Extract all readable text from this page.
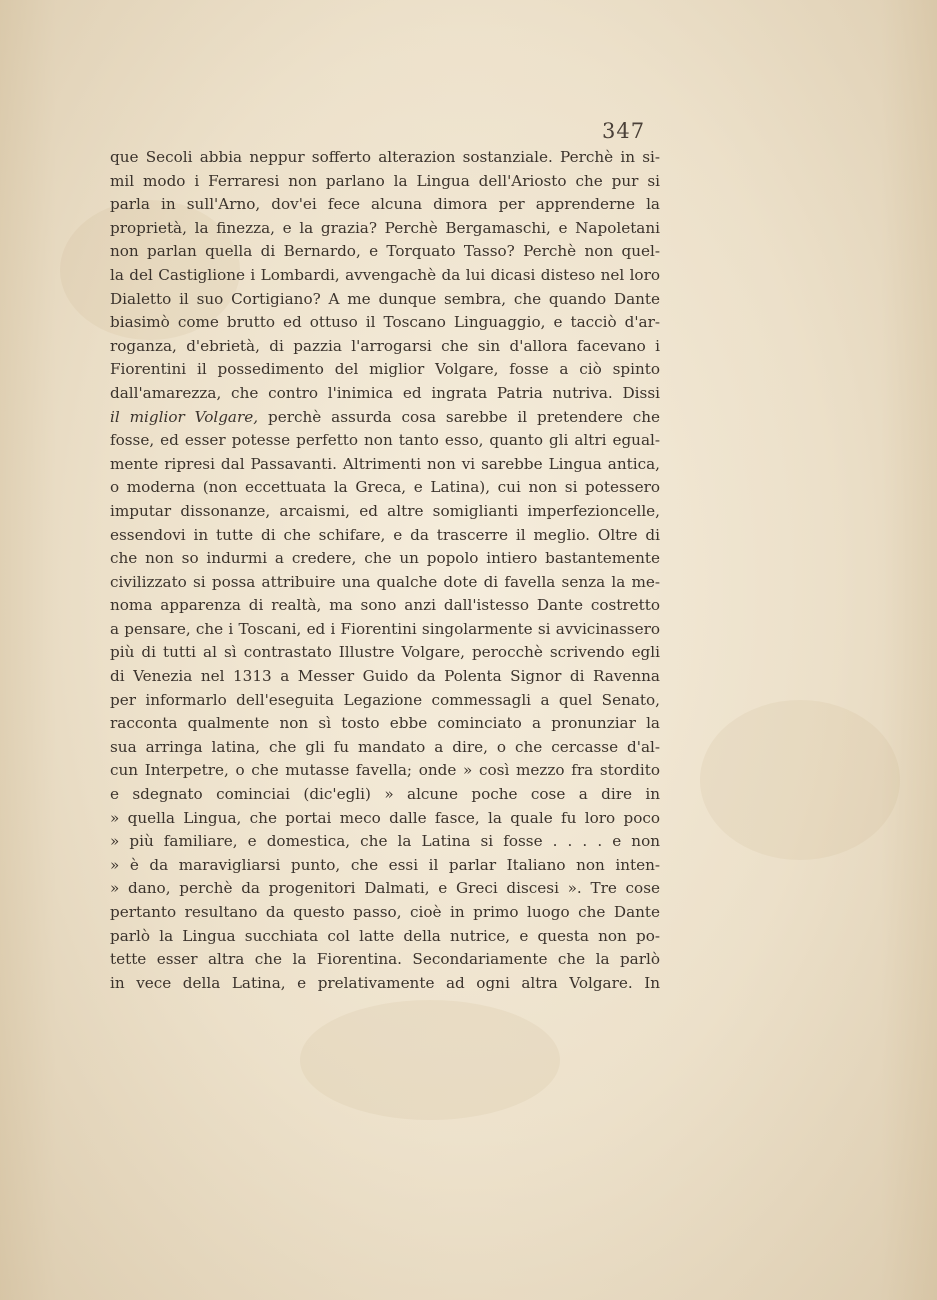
347
que Secoli abbia neppur sofferto alterazion sostanziale. Perchè in si-
mil modo i Ferraresi non parlano la Lingua dell'Ariosto che pur si
parla in sull'Arno, dov'ei fece alcuna dimora per apprenderne la
proprietà, la finezza, e la grazia? Perchè Bergamaschi, e Napoletani
non parlan quella di Bernardo, e Torquato Tasso? Perchè non quel-
la del Castiglione i Lombardi, avvengachè da lui dicasi disteso nel loro
Dialetto il suo Cortigiano? A me dunque sembra, che quando Dante
biasimò come brutto ed ottuso il Toscano Linguaggio, e tacciò d'ar-
roganza, d'ebrietà, di pazzia l'arrogarsi che sin d'allora facevano i
Fiorentini il possedimento del miglior Volgare, fosse a ciò spinto
dall'amarezza, che contro l'inimica ed ingrata Patria nutriva. Dissi
il miglior Volgare, perchè assurda cosa sarebbe il pretendere che
fosse, ed esser potesse perfetto non tanto esso, quanto gli altri egual-
mente ripresi dal Passavanti. Altrimenti non vi sarebbe Lingua antica,
o moderna (non eccettuata la Greca, e Latina), cui non si potessero
imputar dissonanze, arcaismi, ed altre somiglianti imperfezioncelle,
essendovi in tutte di che schifare, e da trascerre il meglio. Oltre di
che non so indurmi a credere, che un popolo intiero bastantemente
civilizzato si possa attribuire una qualche dote di favella senza la me-
noma apparenza di realtà, ma sono anzi dall'istesso Dante costretto
a pensare, che i Toscani, ed i Fiorentini singolarmente si avvicinassero
più di tutti al sì contrastato Illustre Volgare, perocchè scrivendo egli
di Venezia nel 1313 a Messer Guido da Polenta Signor di Ravenna
per informarlo dell'eseguita Legazione commessagli a quel Senato,
racconta qualmente non sì tosto ebbe cominciato a pronunziar la
sua arringa latina, che gli fu mandato a dire, o che cercasse d'al-
cun Interpetre, o che mutasse favella; onde » così mezzo fra stordito
e sdegnato cominciai (dic'egli) » alcune poche cose a dire in
» quella Lingua, che portai meco dalle fasce, la quale fu loro poco
» più familiare, e domestica, che la Latina si fosse . . . . e non
» è da maravigliarsi punto, che essi il parlar Italiano non inten-
» dano, perchè da progenitori Dalmati, e Greci discesi ». Tre cose
pertanto resultano da questo passo, cioè in primo luogo che Dante
parlò la Lingua succhiata col latte della nutrice, e questa non po-
tette esser altra che la Fiorentina. Secondariamente che la parlò
in vece della Latina, e prelativamente ad ogni altra Volgare. In
